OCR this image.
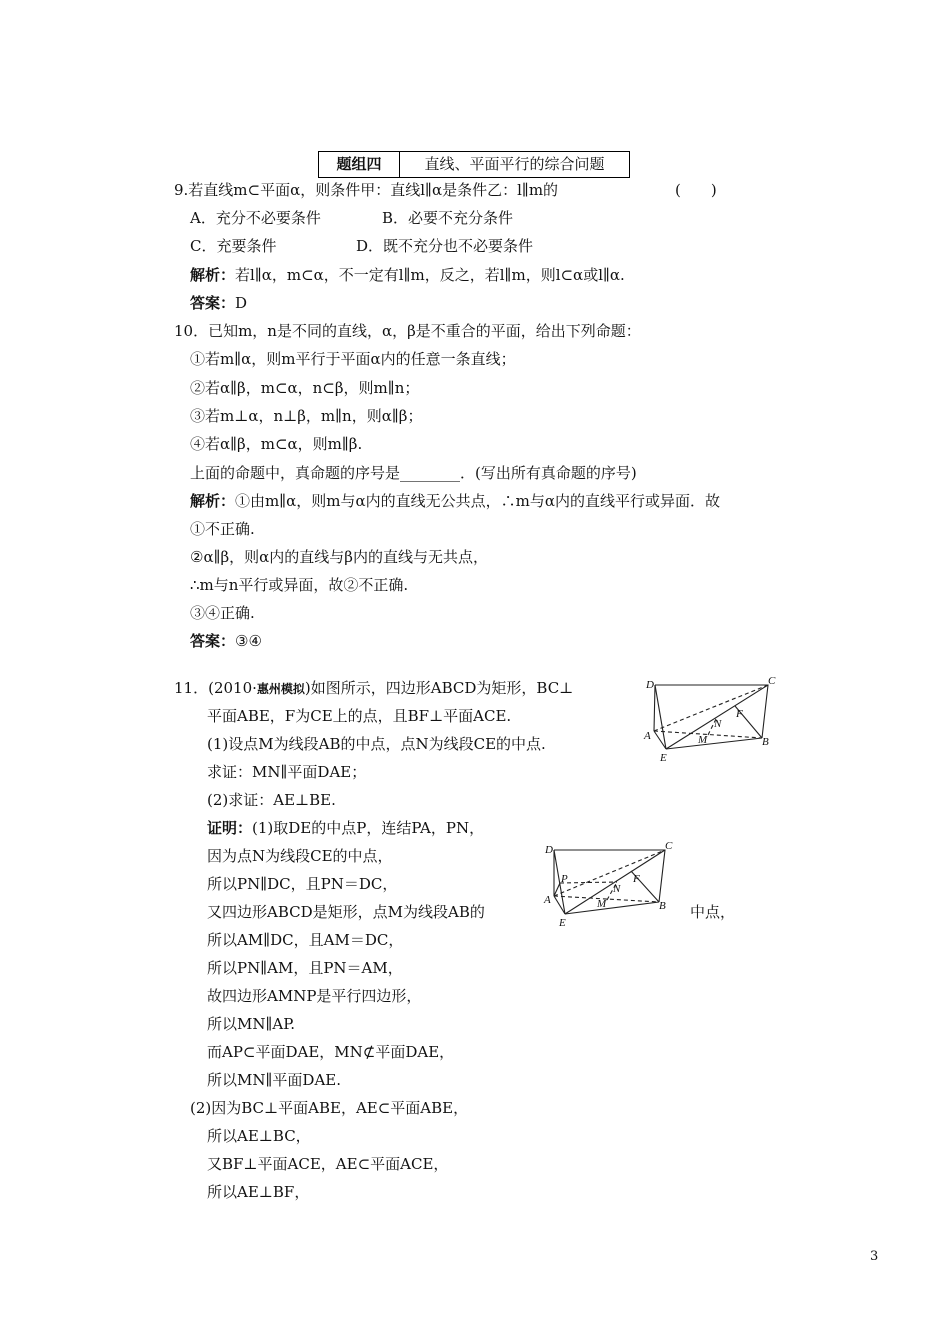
题组四	直线、平面平行的综合问题
9.若直线m⊂平面α，则条件甲：直线l∥α是条件乙：l∥m的	(　　)
A．充分不必要条件	B．必要不充分条件
C．充要条件	D．既不充分也不必要条件
解析：若l∥α，m⊂α，不一定有l∥m，反之，若l∥m，则l⊂α或l∥α.
答案：D
10．已知m，n是不同的直线，α，β是不重合的平面，给出下列命题：
①若m∥α，则m平行于平面α内的任意一条直线；
②若α∥β，m⊂α，n⊂β，则m∥n；
③若m⊥α，n⊥β，m∥n，则α∥β；
④若α∥β，m⊂α，则m∥β.
上面的命题中，真命题的序号是________．(写出所有真命题的序号)
解析：①由m∥α，则m与α内的直线无公共点，∴m与α内的直线平行或异面．故
①不正确.
②α∥β，则α内的直线与β内的直线与无共点，
∴m与n平行或异面，故②不正确.
③④正确.
答案：③④
11．(2010·惠州模拟)如图所示，四边形ABCD为矩形，BC⊥
平面ABE，F为CE上的点，且BF⊥平面ACE.
(1)设点M为线段AB的中点，点N为线段CE的中点.
求证：MN∥平面DAE；
(2)求证：AE⊥BE.
证明：(1)取DE的中点P，连结PA，PN，
因为点N为线段CE的中点，
所以PN∥DC，且PN＝DC，
又四边形ABCD是矩形，点M为线段AB的	中点，
所以AM∥DC，且AM＝DC，
所以PN∥AM，且PN＝AM，
故四边形AMNP是平行四边形，
所以MN∥AP.
而AP⊂平面DAE，MN⊄平面DAE，
所以MN∥平面DAE.
(2)因为BC⊥平面ABE，AE⊂平面ABE，
所以AE⊥BC，
又BF⊥平面ACE，AE⊂平面ACE，
所以AE⊥BF，
D	C
A	B
E
F
N
M
D	C
A	B
E
F
N
M
P
3
